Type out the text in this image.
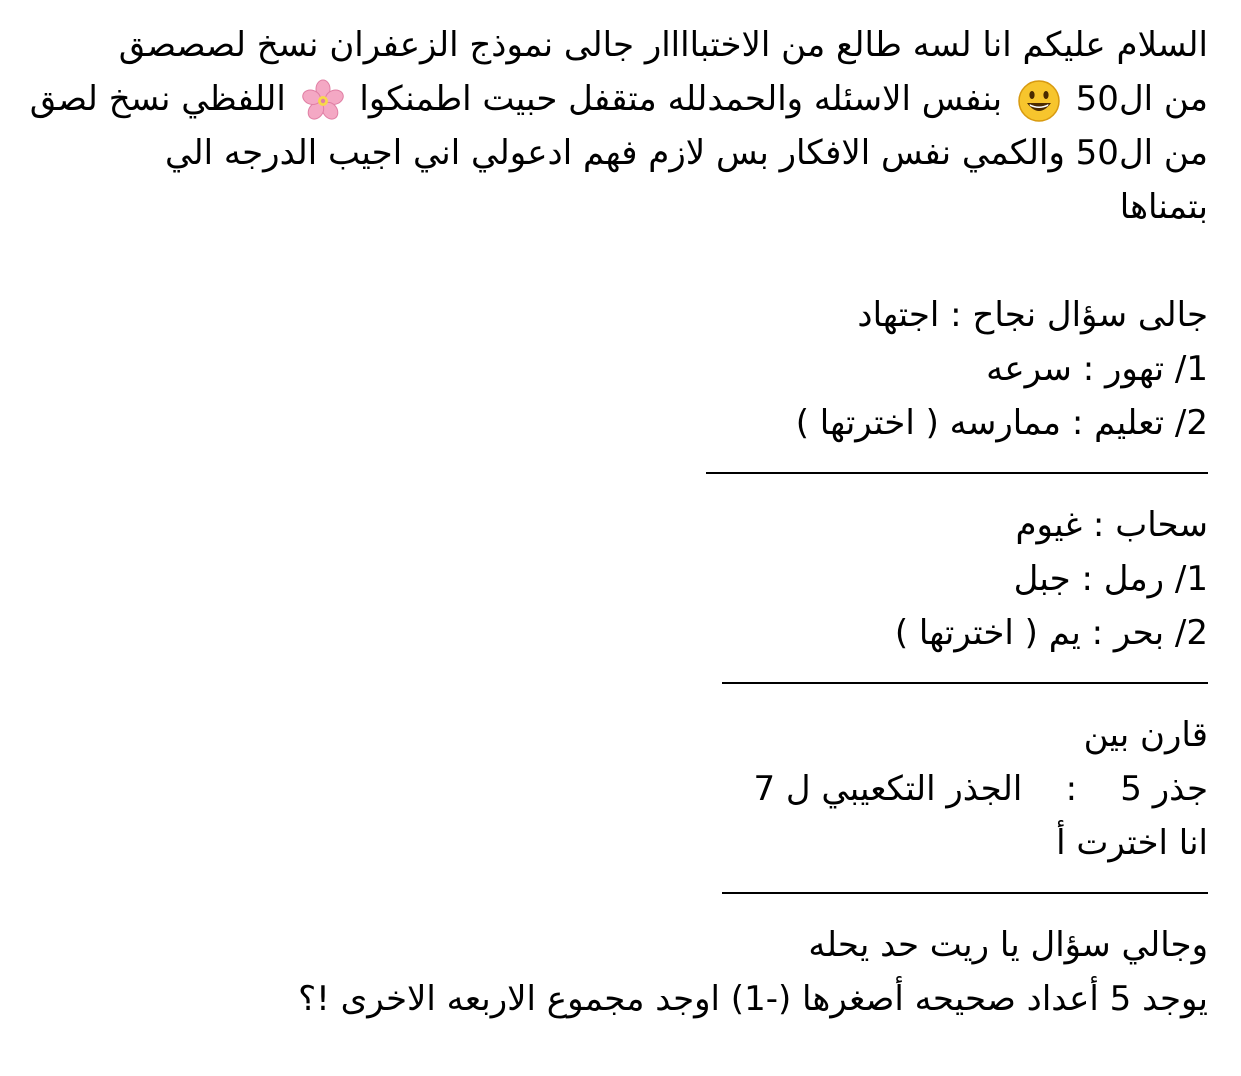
السلام عليكم انا لسه طالع من الاختباااار جالى نموذج الزعفران نسخ لصصصق
من ال50  بنفس الاسئله والحمدلله متقفل حبيت اطمنكوا  اللفظي نسخ لصق
من ال50 والكمي نفس الافكار بس لازم فهم ادعولي اني اجيب الدرجه الي
بتمناها
جالى سؤال نجاح : اجتهاد
1/ تهور : سرعه
2/ تعليم : ممارسه ( اخترتها )
سحاب : غيوم
1/ رمل : جبل
2/ بحر : يم ( اخترتها )
قارن بين
جذر 5    :    الجذر التكعيبي ل 7
انا اخترت أ
وجالي سؤال يا ريت حد يحله
يوجد 5 أعداد صحيحه أصغرها (-1) اوجد مجموع الاربعه الاخرى !؟
